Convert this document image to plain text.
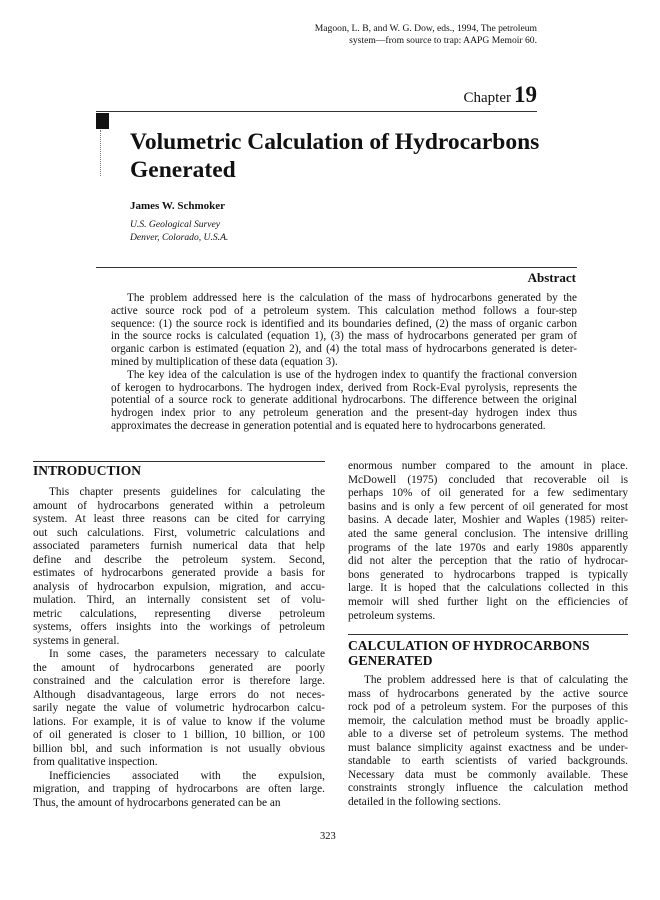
Magoon, L. B, and W. G. Dow, eds., 1994, The petroleum
system—from source to trap: AAPG Memoir 60.
Chapter 19
Volumetric Calculation of Hydrocarbons
Generated
James W. Schmoker
U.S. Geological Survey
Denver, Colorado, U.S.A.
Abstract
The problem addressed here is the calculation of the mass of hydrocarbons generated by the
active source rock pod of a petroleum system. This calculation method follows a four-step
sequence: (1) the source rock is identified and its boundaries defined, (2) the mass of organic carbon
in the source rocks is calculated (equation 1), (3) the mass of hydrocarbons generated per gram of
organic carbon is estimated (equation 2), and (4) the total mass of hydrocarbons generated is deter-
mined by multiplication of these data (equation 3).
The key idea of the calculation is use of the hydrogen index to quantify the fractional conversion
of kerogen to hydrocarbons. The hydrogen index, derived from Rock-Eval pyrolysis, represents the
potential of a source rock to generate additional hydrocarbons. The difference between the original
hydrogen index prior to any petroleum generation and the present-day hydrogen index thus
approximates the decrease in generation potential and is equated here to hydrocarbons generated.
INTRODUCTION
This chapter presents guidelines for calculating the
amount of hydrocarbons generated within a petroleum
system. At least three reasons can be cited for carrying
out such calculations. First, volumetric calculations and
associated parameters furnish numerical data that help
define and describe the petroleum system. Second,
estimates of hydrocarbons generated provide a basis for
analysis of hydrocarbon expulsion, migration, and accu-
mulation. Third, an internally consistent set of volu-
metric calculations, representing diverse petroleum
systems, offers insights into the workings of petroleum
systems in general.
In some cases, the parameters necessary to calculate
the amount of hydrocarbons generated are poorly
constrained and the calculation error is therefore large.
Although disadvantageous, large errors do not neces-
sarily negate the value of volumetric hydrocarbon calcu-
lations. For example, it is of value to know if the volume
of oil generated is closer to 1 billion, 10 billion, or 100
billion bbl, and such information is not usually obvious
from qualitative inspection.
Inefficiencies associated with the expulsion,
migration, and trapping of hydrocarbons are often large.
Thus, the amount of hydrocarbons generated can be an
enormous number compared to the amount in place.
McDowell (1975) concluded that recoverable oil is
perhaps 10% of oil generated for a few sedimentary
basins and is only a few percent of oil generated for most
basins. A decade later, Moshier and Waples (1985) reiter-
ated the same general conclusion. The intensive drilling
programs of the late 1970s and early 1980s apparently
did not alter the perception that the ratio of hydrocar-
bons generated to hydrocarbons trapped is typically
large. It is hoped that the calculations collected in this
memoir will shed further light on the efficiencies of
petroleum systems.
CALCULATION OF HYDROCARBONS
GENERATED
The problem addressed here is that of calculating the
mass of hydrocarbons generated by the active source
rock pod of a petroleum system. For the purposes of this
memoir, the calculation method must be broadly applic-
able to a diverse set of petroleum systems. The method
must balance simplicity against exactness and be under-
standable to earth scientists of varied backgrounds.
Necessary data must be commonly available. These
constraints strongly influence the calculation method
detailed in the following sections.
323
